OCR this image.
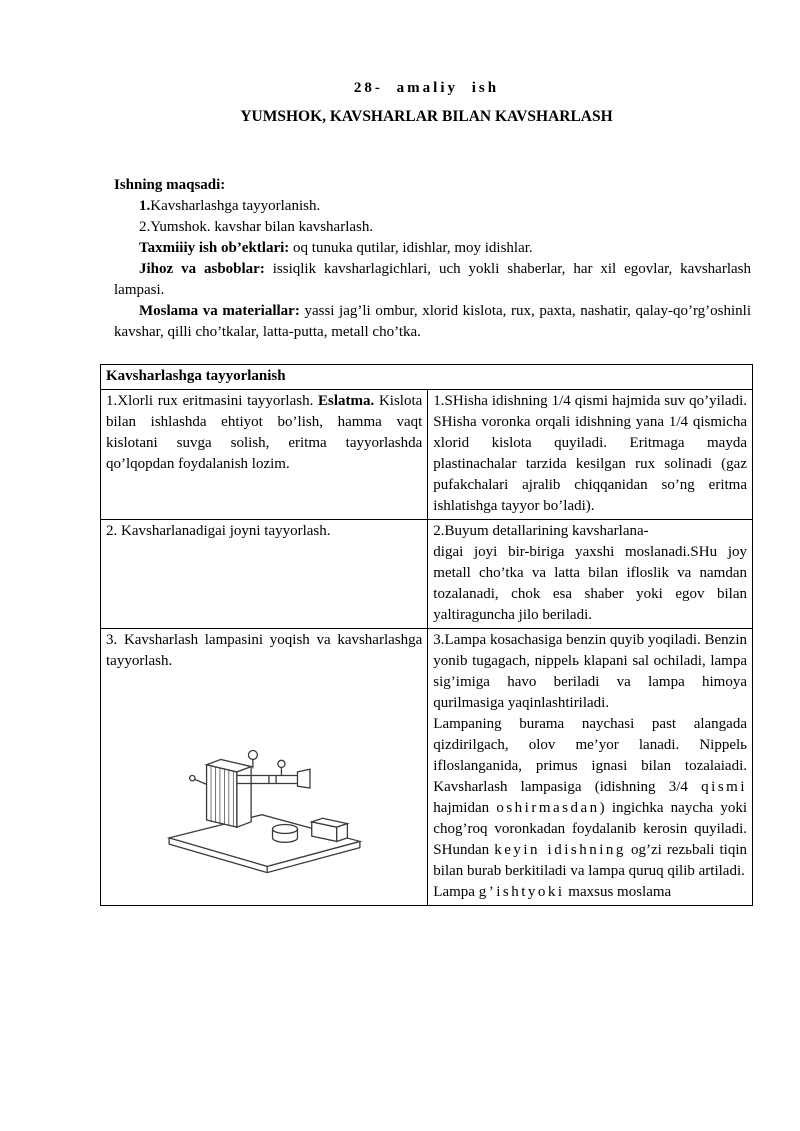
28- amaliy ish
YUMSHOK, KAVSHARLAR BILAN KAVSHARLASH

Ishning maqsadi:

1.Kavsharlashga tayyorlanish.

2.Yumshok. kavshar bilan kavsharlash.

Taxmiiiy ish ob’ektlari: oq tunuka qutilar, idishlar, moy idishlar.

Jihoz va asboblar: issiqlik kavsharlagichlari, uch yokli shaberlar, har xil egovlar, kavsharlash lampasi.

Moslama va materiallar: yassi jag’li ombur, xlorid kislota, rux, paxta, nashatir, qalay-qo’rg’oshinli kavshar, qilli cho’tkalar, latta-putta, metall cho’tka.

Kavsharlashga tayyorlanish	

1.Xlorli rux eritmasini tayyorlash. Eslatma. Kislota bilan ishlashda ehtiyot bo’lish, hamma vaqt kislotani suvga solish, eritma tayyorlashda qo’lqopdan foydalanish lozim.	1.SHisha idishning 1/4 qismi hajmida suv qo’yiladi. SHisha voronka orqali idishning yana 1/4 qismicha xlorid kislota quyiladi. Eritmaga mayda plastinachalar tarzida kesilgan rux solinadi (gaz pufakchalari ajralib chiqqanidan so’ng eritma ishlatishga tayyor bo’ladi).

2. Kavsharlanadigai joyni tayyorlash.	2.Buyum detallarining kavsharlana-
digai joyi bir-biriga yaxshi moslanadi.SHu joy metall cho’tka va latta bilan ifloslik va namdan tozalanadi, chok esa shaber yoki egov bilan yaltiraguncha jilo beriladi.

3. Kavsharlash lampasini yoqish va kavsharlashga tayyorlash.	3.Lampa kosachasiga benzin quyib yoqiladi. Benzin yonib tugagach, nippelь klapani sal ochiladi, lampa sig’imiga havo beriladi va lampa himoya qurilmasiga yaqinlashtiriladi.

Lampaning burama naychasi past alangada qizdirilgach, olov me’yor lanadi. Nippelь ifloslanganida, primus ignasi bilan tozalaiadi. Kavsharlash lampasiga (idishning 3/4 qismi hajmidan oshirmasdan) ingichka naycha yoki chog’roq voronkadan foydalanib kerosin quyiladi. SHundan keyin idishning og’zi rezьbali tiqin bilan burab berkitiladi va lampa quruq qilib artiladi.

Lampa g’ishtyoki maxsus moslama
